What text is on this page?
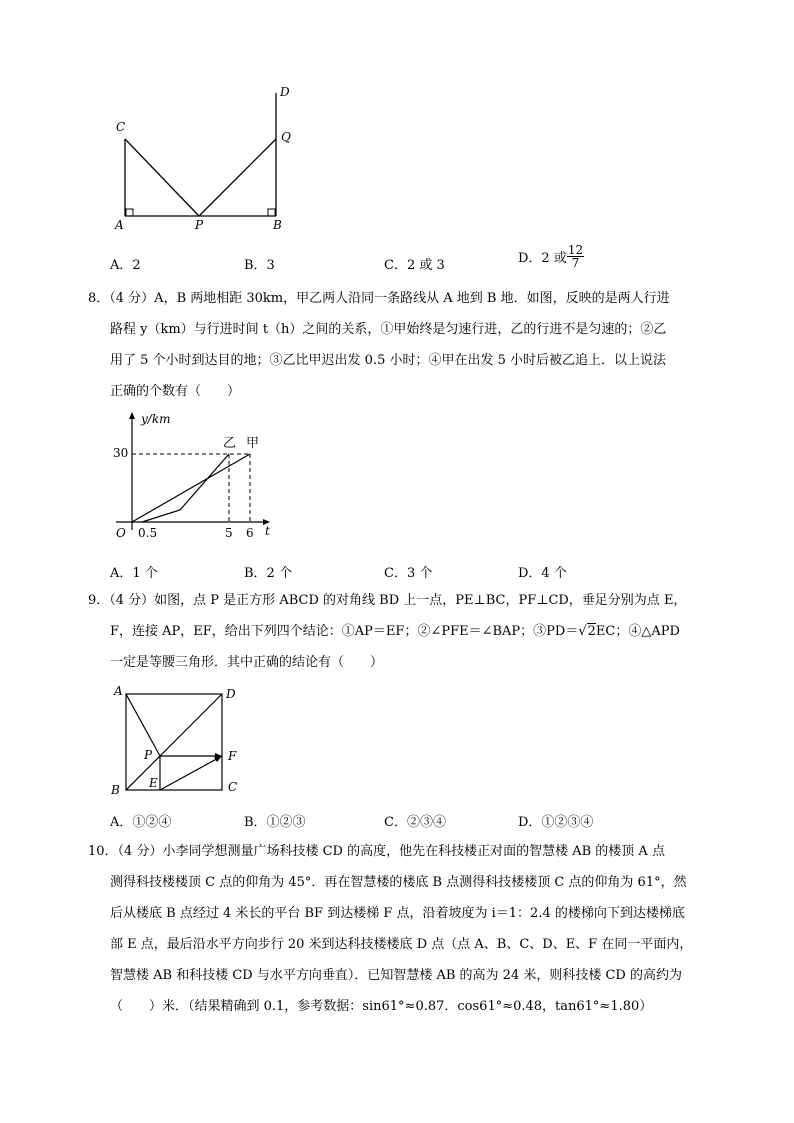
C
A	P	B
Q
D
A．2	B．3	C．2 或 3	D．2 或 $\frac{12}{7}$
8．（4 分）A，B 两地相距 30km，甲乙两人沿同一条路线从 A 地到 B 地．如图，反映的是两人行进
路程 y（km）与行进时间 t（h）之间的关系，①甲始终是匀速行进，乙的行进不是匀速的；②乙
用了 5 个小时到达目的地；③乙比甲迟出发 0.5 小时；④甲在出发 5 小时后被乙追上．以上说法
正确的个数有（　　）
y/km
30
乙 甲
O 0.5	5 6 t
A．1 个	B．2 个	C．3 个	D．4 个
9．（4 分）如图，点 P 是正方形 ABCD 的对角线 BD 上一点，PE⊥BC，PF⊥CD，垂足分别为点 E，
F，连接 AP，EF，给出下列四个结论：①AP＝EF；②∠PFE＝∠BAP；③PD＝√2EC；④△APD
一定是等腰三角形．其中正确的结论有（　　）
A	D
P	F
E
B	C
A．①②④	B．①②③	C．②③④	D．①②③④
10．（4 分）小李同学想测量广场科技楼 CD 的高度，他先在科技楼正对面的智慧楼 AB 的楼顶 A 点
测得科技楼楼顶 C 点的仰角为 45°．再在智慧楼的楼底 B 点测得科技楼楼顶 C 点的仰角为 61°，然
后从楼底 B 点经过 4 米长的平台 BF 到达楼梯 F 点，沿着坡度为 i＝1：2.4 的楼梯向下到达楼梯底
部 E 点，最后沿水平方向步行 20 米到达科技楼楼底 D 点（点 A、B、C、D、E、F 在同一平面内，
智慧楼 AB 和科技楼 CD 与水平方向垂直）．已知智慧楼 AB 的高为 24 米，则科技楼 CD 的高约为
（　　）米．（结果精确到 0.1，参考数据：sin61°≈0.87．cos61°≈0.48，tan61°≈1.80）
